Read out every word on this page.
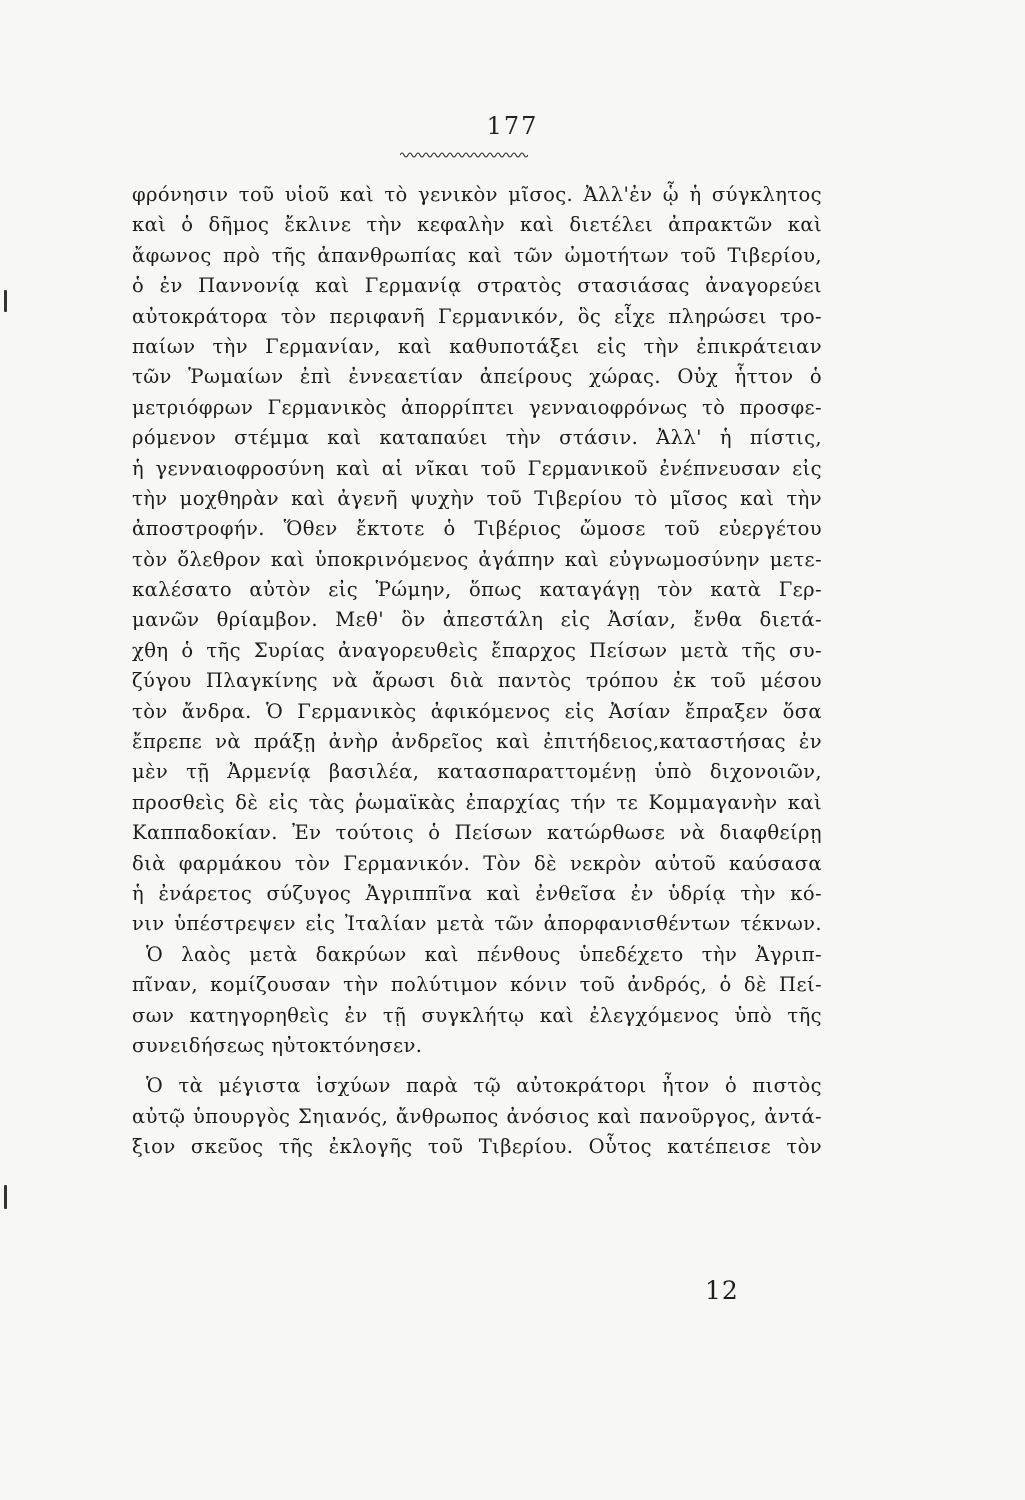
177
φρόνησιν τοῦ υἱοῦ καὶ τὸ γενικὸν μῖσος. Ἀλλ'ἐν ᾧ ἡ σύγκλητος
καὶ ὁ δῆμος ἔκλινε τὴν κεφαλὴν καὶ διετέλει ἀπρακτῶν καὶ
ἄφωνος πρὸ τῆς ἀπανθρωπίας καὶ τῶν ὠμοτήτων τοῦ Τιβερίου,
ὁ ἐν Παννονίᾳ καὶ Γερμανίᾳ στρατὸς στασιάσας ἀναγορεύει
αὐτοκράτορα τὸν περιφανῆ Γερμανικόν, ὃς εἶχε πληρώσει τρο-
παίων τὴν Γερμανίαν, καὶ καθυποτάξει εἰς τὴν ἐπικράτειαν
τῶν Ῥωμαίων ἐπὶ ἐννεαετίαν ἀπείρους χώρας. Οὐχ ἧττον ὁ
μετριόφρων Γερμανικὸς ἀπορρίπτει γενναιοφρόνως τὸ προσφε-
ρόμενον στέμμα καὶ καταπαύει τὴν στάσιν. Ἀλλ' ἡ πίστις,
ἡ γενναιοφροσύνη καὶ αἱ νῖκαι τοῦ Γερμανικοῦ ἐνέπνευσαν εἰς
τὴν μοχθηρὰν καὶ ἀγενῆ ψυχὴν τοῦ Τιβερίου τὸ μῖσος καὶ τὴν
ἀποστροφήν. Ὅθεν ἔκτοτε ὁ Τιβέριος ὤμοσε τοῦ εὐεργέτου
τὸν ὄλεθρον καὶ ὑποκρινόμενος ἀγάπην καὶ εὐγνωμοσύνην μετε-
καλέσατο αὐτὸν εἰς Ῥώμην, ὅπως καταγάγῃ τὸν κατὰ Γερ-
μανῶν θρίαμβον. Μεθ' ὃν ἀπεστάλη εἰς Ἀσίαν, ἔνθα διετά-
χθη ὁ τῆς Συρίας ἀναγορευθεὶς ἔπαρχος Πείσων μετὰ τῆς συ-
ζύγου Πλαγκίνης νὰ ἄρωσι διὰ παντὸς τρόπου ἐκ τοῦ μέσου
τὸν ἄνδρα. Ὁ Γερμανικὸς ἀφικόμενος εἰς Ἀσίαν ἔπραξεν ὅσα
ἔπρεπε νὰ πράξῃ ἀνὴρ ἀνδρεῖος καὶ ἐπιτήδειος,καταστήσας ἐν
μὲν τῇ Ἀρμενίᾳ βασιλέα, κατασπαραττομένῃ ὑπὸ διχονοιῶν,
προσθεὶς δὲ εἰς τὰς ῥωμαϊκὰς ἐπαρχίας τήν τε Κομμαγανὴν καὶ
Καππαδοκίαν. Ἐν τούτοις ὁ Πείσων κατώρθωσε νὰ διαφθείρῃ
διὰ φαρμάκου τὸν Γερμανικόν. Τὸν δὲ νεκρὸν αὐτοῦ καύσασα
ἡ ἐνάρετος σύζυγος Ἀγριππῖνα καὶ ἐνθεῖσα ἐν ὑδρίᾳ τὴν κό-
νιν ὑπέστρεψεν εἰς Ἰταλίαν μετὰ τῶν ἀπορφανισθέντων τέκνων.
Ὁ λαὸς μετὰ δακρύων καὶ πένθους ὑπεδέχετο τὴν Ἀγριπ-
πῖναν, κομίζουσαν τὴν πολύτιμον κόνιν τοῦ ἀνδρός, ὁ δὲ Πεί-
σων κατηγορηθεὶς ἐν τῇ συγκλήτῳ καὶ ἐλεγχόμενος ὑπὸ τῆς
συνειδήσεως ηὐτοκτόνησεν.
Ὁ τὰ μέγιστα ἰσχύων παρὰ τῷ αὐτοκράτορι ἦτον ὁ πιστὸς
αὐτῷ ὑπουργὸς Σηιανός, ἄνθρωπος ἀνόσιος καὶ πανοῦργος, ἀντά-
ξιον σκεῦος τῆς ἐκλογῆς τοῦ Τιβερίου. Οὗτος κατέπεισε τὸν
12
